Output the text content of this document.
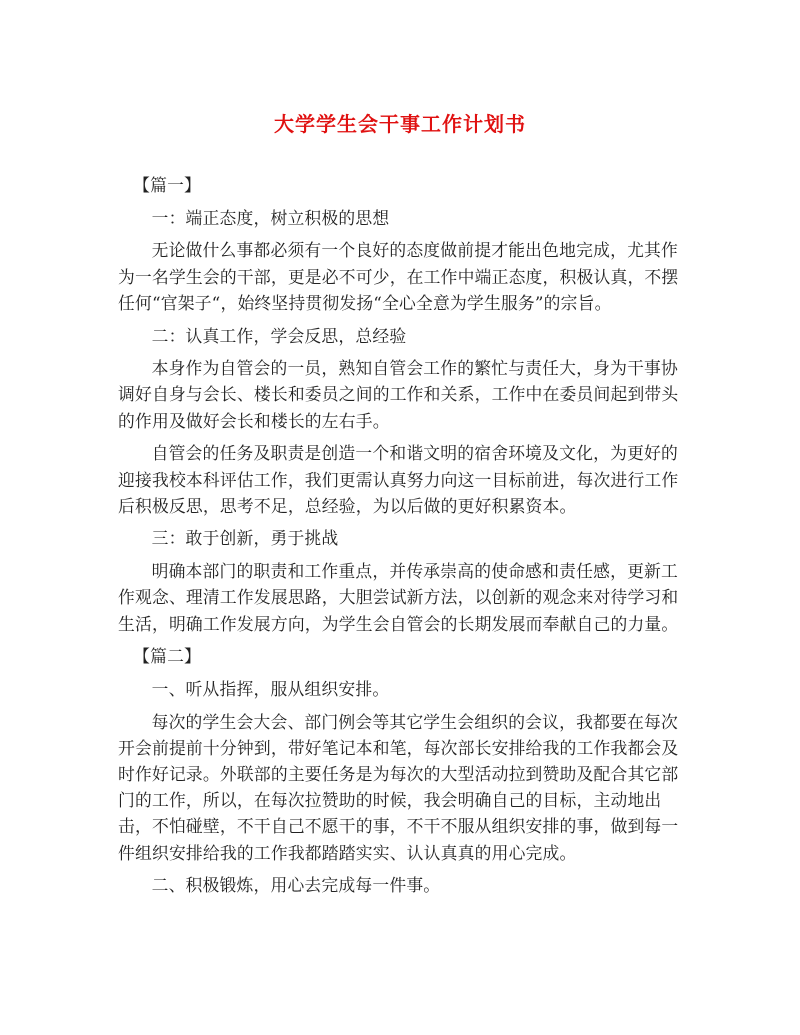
大学学生会干事工作计划书
【篇一】
一：端正态度，树立积极的思想
无论做什么事都必须有一个良好的态度做前提才能出色地完成，尤其作为一名学生会的干部，更是必不可少，在工作中端正态度，积极认真，不摆任何“官架子“，始终坚持贯彻发扬“全心全意为学生服务”的宗旨。
二：认真工作，学会反思，总经验
本身作为自管会的一员，熟知自管会工作的繁忙与责任大，身为干事协调好自身与会长、楼长和委员之间的工作和关系，工作中在委员间起到带头的作用及做好会长和楼长的左右手。
自管会的任务及职责是创造一个和谐文明的宿舍环境及文化，为更好的迎接我校本科评估工作，我们更需认真努力向这一目标前进，每次进行工作后积极反思，思考不足，总经验，为以后做的更好积累资本。
三：敢于创新，勇于挑战
明确本部门的职责和工作重点，并传承崇高的使命感和责任感，更新工作观念、理清工作发展思路，大胆尝试新方法，以创新的观念来对待学习和生活，明确工作发展方向，为学生会自管会的长期发展而奉献自己的力量。
【篇二】
一、听从指挥，服从组织安排。
每次的学生会大会、部门例会等其它学生会组织的会议，我都要在每次开会前提前十分钟到，带好笔记本和笔，每次部长安排给我的工作我都会及时作好记录。外联部的主要任务是为每次的大型活动拉到赞助及配合其它部门的工作，所以，在每次拉赞助的时候，我会明确自己的目标，主动地出击，不怕碰壁，不干自己不愿干的事，不干不服从组织安排的事，做到每一件组织安排给我的工作我都踏踏实实、认认真真的用心完成。
二、积极锻炼，用心去完成每一件事。
